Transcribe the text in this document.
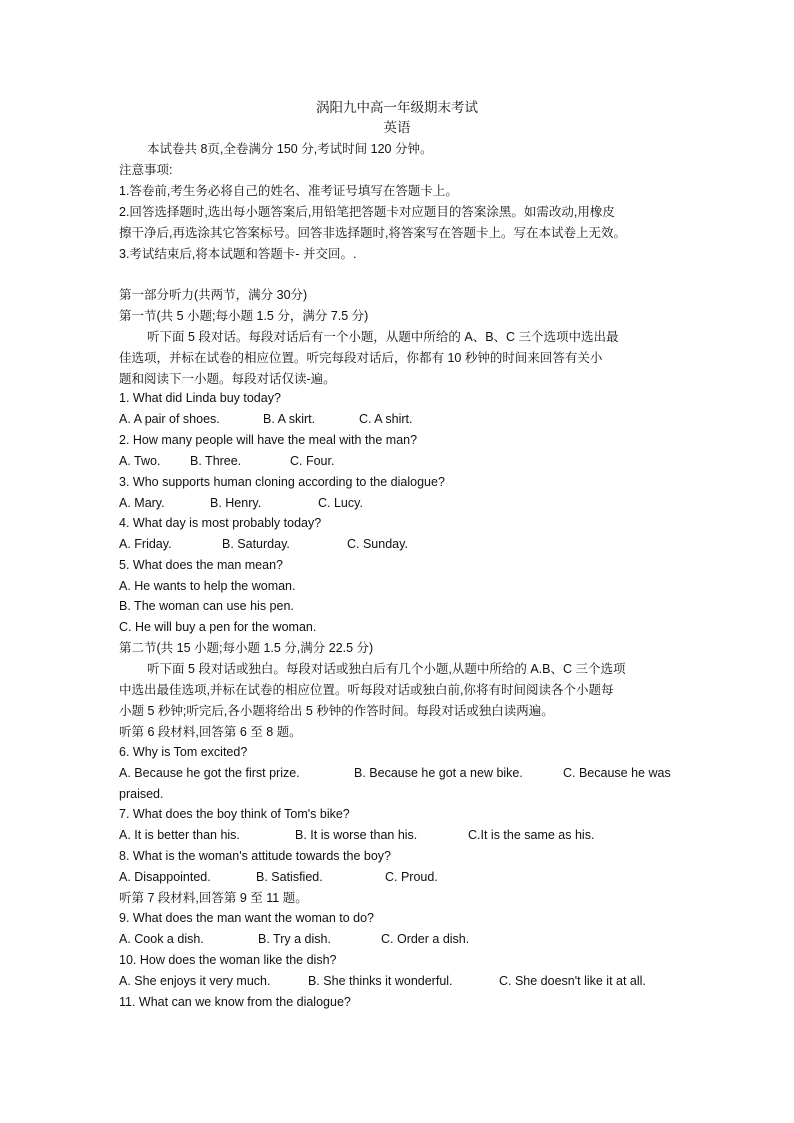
涡阳九中高一年级期末考试
英语
本试卷共 8页,全卷满分 150 分,考试时间 120 分钟。
注意事项:
1.答卷前,考生务必将自己的姓名、准考证号填写在答题卡上。
2.回答选择题时,选出每小题答案后,用铅笔把答题卡对应题目的答案涂黑。如需改动,用橡皮
擦干净后,再选涂其它答案标号。回答非选择题时,将答案写在答题卡上。写在本试卷上无效。
3.考试结束后,将本试题和答题卡- 并交回。.
第一部分听力(共两节，满分 30分)
第一节(共 5 小题;每小题 1.5 分，满分 7.5 分)
听下面 5 段对话。每段对话后有一个小题，从题中所给的 A、B、C 三个选项中选出最
佳选项，并标在试卷的相应位置。听完每段对话后，你都有 10 秒钟的时间来回答有关小
题和阅读下一小题。每段对话仅读-遍。
1. What did Linda buy today?
A. A pair of shoes.	B. A skirt.	C. A shirt.
2. How many people will have the meal with the man?
A. Two. B. Three.	C. Four.
3. Who supports human cloning according to the dialogue?
A. Mary.	B. Henry.	C. Lucy.
4. What day is most probably today?
A. Friday.	B. Saturday.	C. Sunday.
5. What does the man mean?
A. He wants to help the woman.
B. The woman can use his pen.
C. He will buy a pen for the woman.
第二节(共 15 小题;每小题 1.5 分,满分 22.5 分)
听下面 5 段对话或独白。每段对话或独白后有几个小题,从题中所给的 A.B、C 三个选项
中选出最佳选项,并标在试卷的相应位置。听每段对话或独白前,你将有时间阅读各个小题每
小题 5 秒钟;听完后,各小题将给出 5 秒钟的作答时间。每段对话或独白读两遍。
听第 6 段材料,回答第 6 至 8 题。
6. Why is Tom excited?
A. Because he got the first prize.	B. Because he got a new bike.	C. Because he was
praised.
7. What does the boy think of Tom's bike?
A. It is better than his.	B. It is worse than his.	C.It is the same as his.
8. What is the woman's attitude towards the boy?
A. Disappointed.	B. Satisfied.	C. Proud.
听第 7 段材料,回答第 9 至 11 题。
9. What does the man want the woman to do?
A. Cook a dish.	B. Try a dish.	C. Order a dish.
10. How does the woman like the dish?
A. She enjoys it very much.	B. She thinks it wonderful.	C. She doesn't like it at all.
11. What can we know from the dialogue?
